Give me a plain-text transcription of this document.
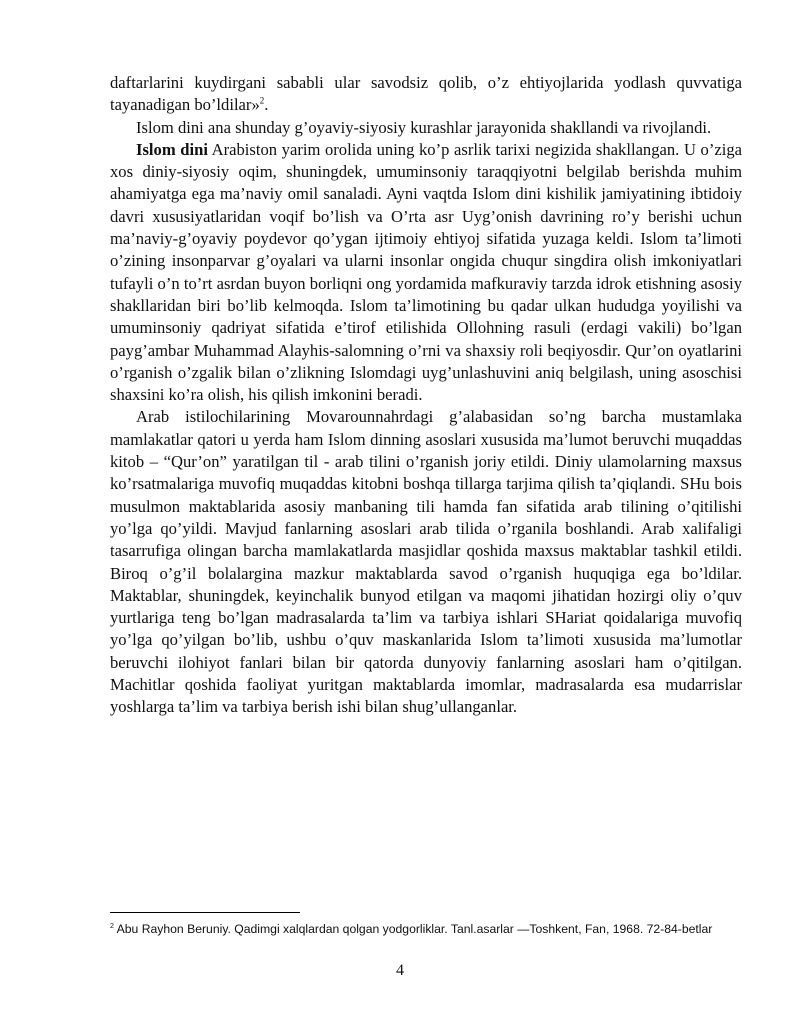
daftarlarini kuydirgani sababli ular savodsiz qolib, o’z ehtiyojlarida yodlash quvvatiga tayanadigan bo’ldilar»$^2$.

Islom dini ana shunday g’oyaviy-siyosiy kurashlar jarayonida shakllandi va rivojlandi.

Islom dini Arabiston yarim orolida uning ko’p asrlik tarixi negizida shakllangan. U o’ziga xos diniy-siyosiy oqim, shuningdek, umuminsoniy taraqqiyotni belgilab berishda muhim ahamiyatga ega ma’naviy omil sanaladi. Ayni vaqtda Islom dini kishilik jamiyatining ibtidoiy davri xususiyatlaridan voqif bo’lish va O’rta asr Uyg’onish davrining ro’y berishi uchun ma’naviy-g’oyaviy poydevor qo’ygan ijtimoiy ehtiyoj sifatida yuzaga keldi. Islom ta’limoti o’zining insonparvar g’oyalari va ularni insonlar ongida chuqur singdira olish imkoniyatlari tufayli o’n to’rt asrdan buyon borliqni ong yordamida mafkuraviy tarzda idrok etishning asosiy shakllaridan biri bo’lib kelmoqda. Islom ta’limotining bu qadar ulkan hududga yoyilishi va umuminsoniy qadriyat sifatida e’tirof etilishida Ollohning rasuli (erdagi vakili) bo’lgan payg’ambar Muhammad Alayhis-salomning o’rni va shaxsiy roli beqiyosdir. Qur’on oyatlarini o’rganish o’zgalik bilan o’zlikning Islomdagi uyg’unlashuvini aniq belgilash, uning asoschisi shaxsini ko’ra olish, his qilish imkonini beradi.

Arab istilochilarining Movarounnahrdagi g’alabasidan so’ng barcha mustamlaka mamlakatlar qatori u yerda ham Islom dinning asoslari xususida ma’lumot beruvchi muqaddas kitob – “Qur’on” yaratilgan til - arab tilini o’rganish joriy etildi. Diniy ulamolarning maxsus ko’rsatmalariga muvofiq muqaddas kitobni boshqa tillarga tarjima qilish ta’qiqlandi. SHu bois musulmon maktablarida asosiy manbaning tili hamda fan sifatida arab tilining o’qitilishi yo’lga qo’yildi. Mavjud fanlarning asoslari arab tilida o’rganila boshlandi. Arab xalifaligi tasarrufiga olingan barcha mamlakatlarda masjidlar qoshida maxsus maktablar tashkil etildi. Biroq o’g’il bolalargina mazkur maktablarda savod o’rganish huquqiga ega bo’ldilar. Maktablar, shuningdek, keyinchalik bunyod etilgan va maqomi jihatidan hozirgi oliy o’quv yurtlariga teng bo’lgan madrasalarda ta’lim va tarbiya ishlari SHariat qoidalariga muvofiq yo’lga qo’yilgan bo’lib, ushbu o’quv maskanlarida Islom ta’limoti xususida ma’lumotlar beruvchi ilohiyot fanlari bilan bir qatorda dunyoviy fanlarning asoslari ham o’qitilgan. Machitlar qoshida faoliyat yuritgan maktablarda imomlar, madrasalarda esa mudarrislar yoshlarga ta’lim va tarbiya berish ishi bilan shug’ullanganlar.

$^2$ Abu Rayhon Beruniy. Qadimgi xalqlardan qolgan yodgorliklar. Tanl.asarlar —Toshkent, Fan, 1968. 72-84-betlar
4
